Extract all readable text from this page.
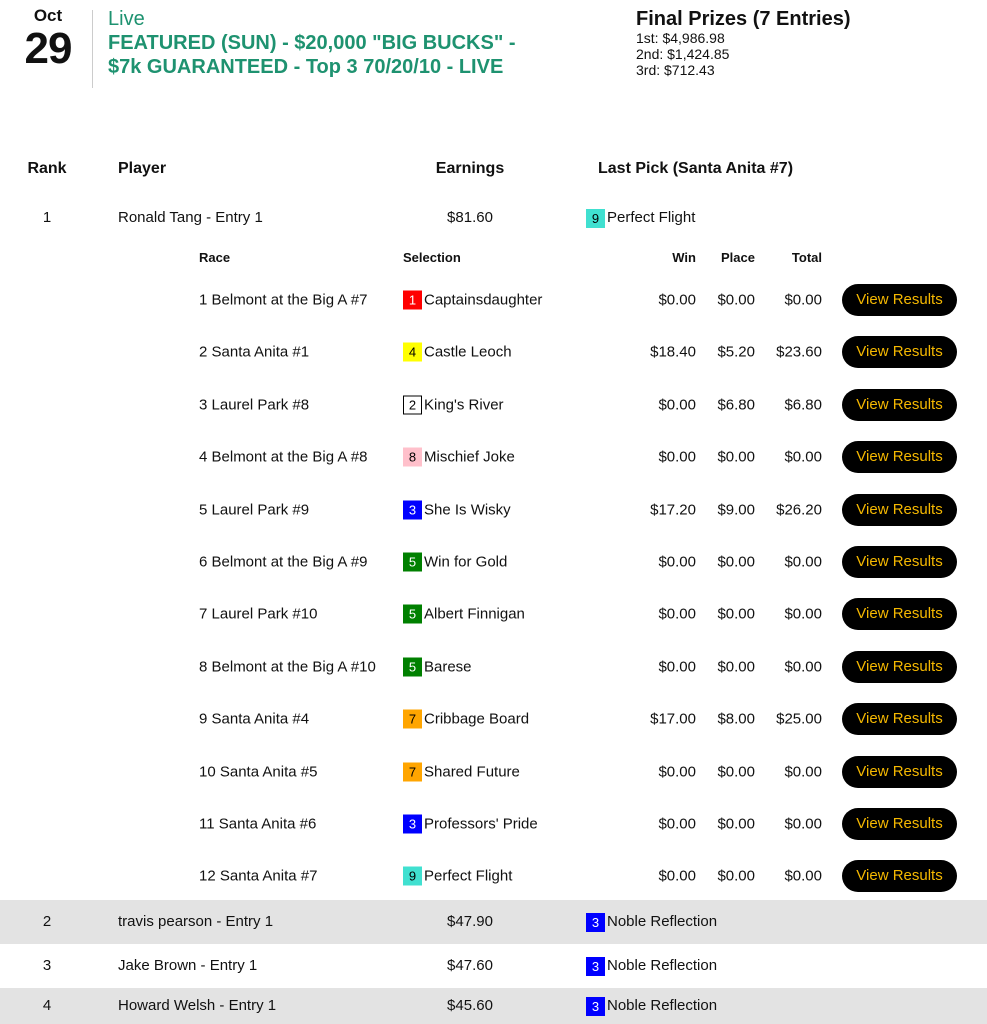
Oct
29
Live
FEATURED (SUN) - $20,000 "BIG BUCKS" -
$7k GUARANTEED - Top 3 70/20/10 - LIVE
Final Prizes (7 Entries)
1st: $4,986.98
2nd: $1,424.85
3rd: $712.43
Rank	Player	Earnings	Last Pick (Santa Anita #7)
1	Ronald Tang - Entry 1	$81.60	9 Perfect Flight
Race	Selection	Win	Place	Total
1 Belmont at the Big A #7	1 Captainsdaughter	$0.00	$0.00	$0.00	View Results
2 Santa Anita #1	4 Castle Leoch	$18.40	$5.20	$23.60	View Results
3 Laurel Park #8	2 King's River	$0.00	$6.80	$6.80	View Results
4 Belmont at the Big A #8	8 Mischief Joke	$0.00	$0.00	$0.00	View Results
5 Laurel Park #9	3 She Is Wisky	$17.20	$9.00	$26.20	View Results
6 Belmont at the Big A #9	5 Win for Gold	$0.00	$0.00	$0.00	View Results
7 Laurel Park #10	5 Albert Finnigan	$0.00	$0.00	$0.00	View Results
8 Belmont at the Big A #10	5 Barese	$0.00	$0.00	$0.00	View Results
9 Santa Anita #4	7 Cribbage Board	$17.00	$8.00	$25.00	View Results
10 Santa Anita #5	7 Shared Future	$0.00	$0.00	$0.00	View Results
11 Santa Anita #6	3 Professors' Pride	$0.00	$0.00	$0.00	View Results
12 Santa Anita #7	9 Perfect Flight	$0.00	$0.00	$0.00	View Results
2	travis pearson - Entry 1	$47.90	3 Noble Reflection
3	Jake Brown - Entry 1	$47.60	3 Noble Reflection
4	Howard Welsh - Entry 1	$45.60	3 Noble Reflection
